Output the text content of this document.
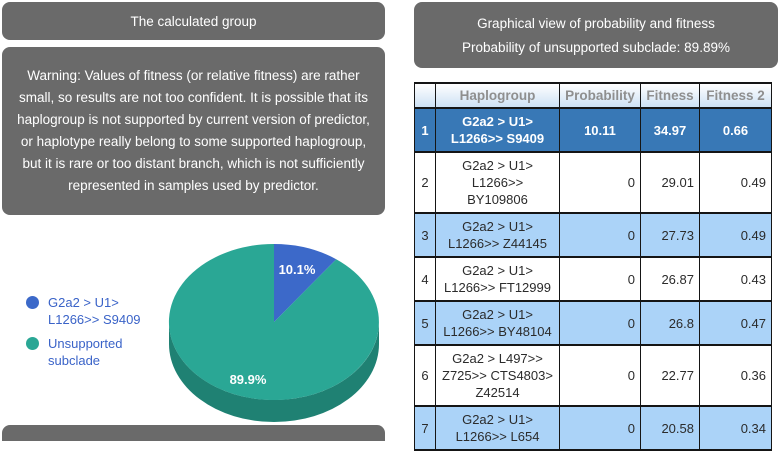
The calculated group
Warning: Values of fitness (or relative fitness) are rather small, so results are not too confident. It is possible that its haplogroup is not supported by current version of predictor, or haplotype really belong to some supported haplogroup, but it is rare or too distant branch, which is not sufficiently represented in samples used by predictor.
G2a2 > U1>
L1266>> S9409
Unsupported
subclade
10.1%
89.9%
Graphical view of probability and fitness
Probability of unsupported subclade: 89.89%
	Haplogroup	Probability	Fitness	Fitness 2
1	G2a2 > U1>
L1266>> S9409	10.11	34.97	0.66
2	G2a2 > U1>
L1266>> BY109806	0	29.01	0.49
3	G2a2 > U1>
L1266>> Z44145	0	27.73	0.49
4	G2a2 > U1>
L1266>> FT12999	0	26.87	0.43
5	G2a2 > U1>
L1266>> BY48104	0	26.8	0.47
6	G2a2 > L497>>
Z725>> CTS4803>
Z42514	0	22.77	0.36
7	G2a2 > U1>
L1266>> L654	0	20.58	0.34
